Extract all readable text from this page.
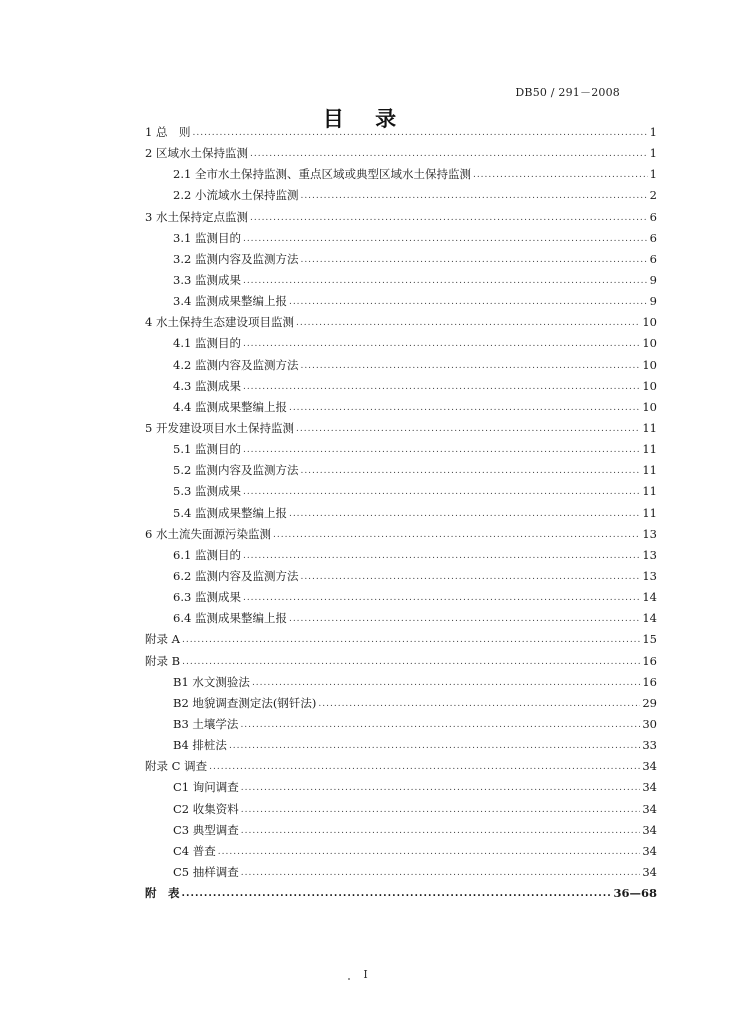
DB50 / 291－2008
目 录
1 总　则 .....	1
2 区域水土保持监测 .....	1
2.1 全市水土保持监测、重点区域或典型区域水土保持监测 .....	1
2.2 小流域水土保持监测 .....	2
3 水土保持定点监测 .....	6
3.1 监测目的 .....	6
3.2 监测内容及监测方法 .....	6
3.3 监测成果 .....	9
3.4 监测成果整编上报 .....	9
4 水土保持生态建设项目监测 .....	10
4.1 监测目的 .....	10
4.2 监测内容及监测方法 .....	10
4.3 监测成果 .....	10
4.4 监测成果整编上报 .....	10
5 开发建设项目水土保持监测 .....	11
5.1 监测目的 .....	11
5.2 监测内容及监测方法 .....	11
5.3 监测成果 .....	11
5.4 监测成果整编上报 .....	11
6 水土流失面源污染监测 .....	13
6.1 监测目的 .....	13
6.2 监测内容及监测方法 .....	13
6.3 监测成果 .....	14
6.4 监测成果整编上报 .....	14
附录 A .....	15
附录 B .....	16
B1 水文测验法 .....	16
B2 地貌调查测定法(钢钎法) .....	29
B3 土壤学法 .....	30
B4 排桩法 .....	33
附录 C 调查 .....	34
C1 询问调查 .....	34
C2 收集资料 .....	34
C3 典型调查 .....	34
C4 普查 .....	34
C5 抽样调查 .....	34
附　表 .....	36—68
I
